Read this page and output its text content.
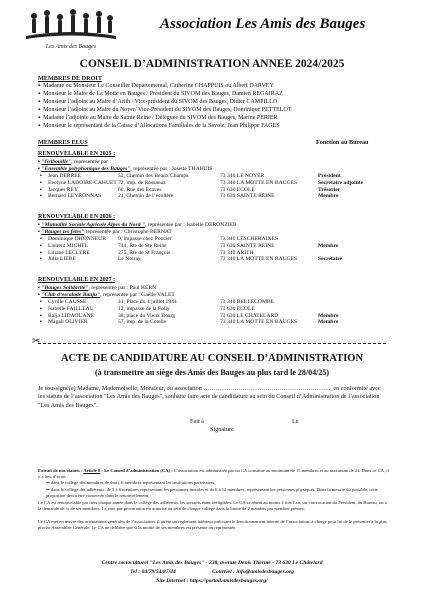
Les Amis des Bauges
Association Les Amis des Bauges
CONSEIL D’ADMINISTRATION ANNEE 2024/2025
MEMBRES DE DROIT
▪ Madame ou Monsieur Le Conseiller Départemental, Catherine CHAPPUIS ou Albert DARVEY
▪ Monsieur le Maire de La Motte en Bauges / Président du SIVOM des Bauges, Damien REGAIRAZ
▪ Monsieur l’adjoint au Maire d’Arith / Vice-président du SIVOM des Bauges, Didier CAMPILLO
▪ Monsieur l’adjoint au Maire du Noyer/ Vice-Président du SIVOM des Bauges, Dominique PETTELOT
▪ Madame l’adjointe au Maire de Sainte Reine / Déléguée du SIVOM des Bauges, Marine PERIER
▪ Monsieur le représentant de la Caisse d’Allocations Familiales de la Savoie, Jean Philippe FAGES
MEMBRES ELUS	Fonction au Bureau
RENOUVELABLE EN 2025 :
▪ "Gribouille", représentée par :
▪ "Ensemble polyphonique des Bauges", représentée par : Josette THABUIS
▪ Jean DEBREE	52, Chemin des Beaux Champs	73 340 LE NOYER	Président
▪ Evelyne LADOIRE-CAHUET 72, imp. de Rossanaz	73 340 LA MOTTE EN BAUGES	Secrétaire adjointe
▪ Jacques REY	60, Rue des Ecaves	73 630 ECOLE	Trésorier
▪ Bernard LEYRONNAS	21, Chemin de l’écolière	73 630 SAINTE REINE	Membre
RENOUVELABLE EN 2026 :
▪ "Mutualité Sociale Agricole Alpes du Nord ", représentée par : Isabelle DERONZIER
▪ "Bauges tes fêtes" représentée par : Christophe BERNAT
▪ Dominique DHONNEUR 9, impasse chez Poncier	73 340 LESCHERAINES
▪ Laurent MICHEL	744, Rte de Ste Reine	73 630 SAINTE REINE	Membre
▪ Liliane LECLERE	275, Rte de St François	73 340 ARITH
▪ Julia LIEBE	Le Noiray	73 340 LA MOTTE EN BAUGES	Secrétaire
RENOUVELABLE EN 2027 :
▪ "Bauges Solidarité", représentée par : Paul KERN
▪ "Club d’escalade Bauju", représentée par : Gaëlle VALET
▪ Cyrille CAUSSE	41, Place du 4 juillet 1944	73 340 BELLECOMBE
▪ Isabelle FAILLEAU	12, impasse de la Folly	73 630 ECOLE
▪ Balja LIDAOUANE	38, place du Vieux Bourg	73 630 LE CHATELARD	Membre
▪ Magali OLIVIER	57, imp. de la Cotelle	73 340 LA MOTTE EN BAUGES	Membre
✂
ACTE DE CANDIDATURE AU CONSEIL D’ADMINISTRATION
(à transmettre au siège des Amis des Bauges au plus tard le 28/04/25)
Je soussigné(e) Madame, Mademoiselle, Monsieur, ou association …………………………………………………….., en conformité avec les statuts de l’association "Les Amis des Bauges", souhaite faire acte de candidature au sein du Conseil d’Administration de l’association "Les Amis des Bauges".
Fait à	Le
Signature
Extrait de nos statuts : Article 6 : Le Conseil d’administration (CA) : L’association est administrée par un CA constitué au minimum de 15 membres et au maximum de 24. Dans ce CA, il y a lieu d’avoir :
⇒ dans le collège des membres de droit, 6 membres représentant les institutions partenaires,
⇒ dans le collège des adhérents, de 3 à 6 membres représentant les personnes morales et de 6 à 12 membres, représentant les personnes physiques. Dans la mesure du possible, cette proportion devra être conservée dans le renouvellement.
Le CA est renouvelable par tiers chaque année dans le collège des adhérents, les sortants étant rééligibles. Le CA se réunit au moins 2 fois l’an, sur convocation du Président, du Bureau, ou à la demande de ¼ de ses membres. Le vote par procuration est autorisé au sein de chaque collège dans la limite de 2 mandats par membre présent.
Le CA met en œuvre des orientations générales de l’association, il arrête un règlement intérieur précisant le fonctionnement interne de l’association, à charge pour lui de le présenter à la plus proche Assemblée Générale. Le CA ne délibère que si la moitié de ses membres est présente ou représentée.
Centre socioculturel "Les Amis des Bauges" - 238, avenue Denis Therme - 73 630 Le Châtelard
Tel : 04/79/54/87/44                          Courriel : info@amisdesbauges.org
Site Internet : https://portail.amisdesbauges.org/
